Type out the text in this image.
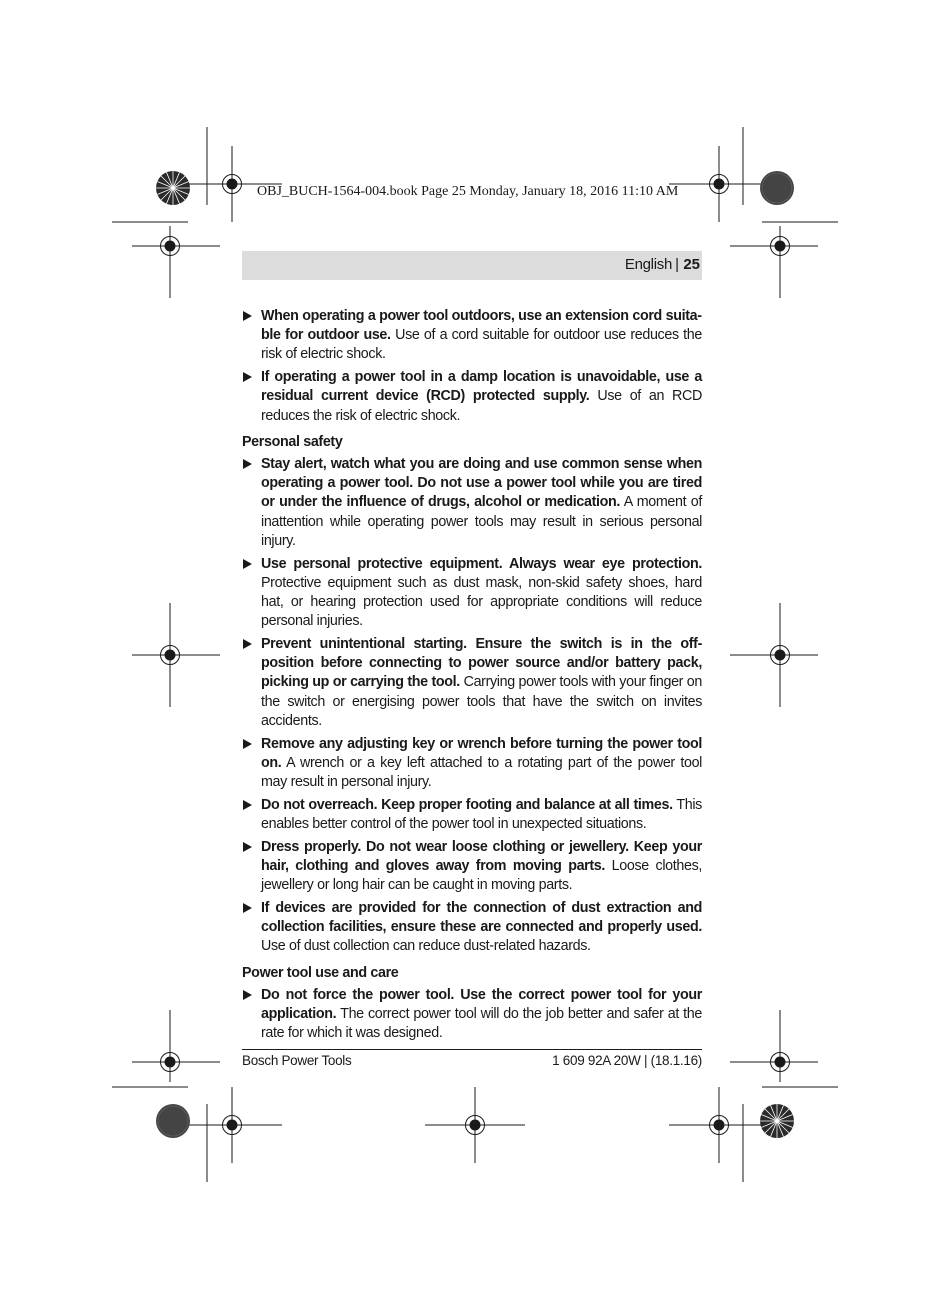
OBJ_BUCH-1564-004.book Page 25 Monday, January 18, 2016 11:10 AM
English | 25
When operating a power tool outdoors, use an extension cord suitable for outdoor use. Use of a cord suitable for outdoor use reduces the risk of electric shock.
If operating a power tool in a damp location is unavoidable, use a residual current device (RCD) protected supply. Use of an RCD reduces the risk of electric shock.
Personal safety
Stay alert, watch what you are doing and use common sense when operating a power tool. Do not use a power tool while you are tired or under the influence of drugs, alcohol or medication. A moment of inattention while operating power tools may result in serious personal injury.
Use personal protective equipment. Always wear eye protection. Protective equipment such as dust mask, non-skid safety shoes, hard hat, or hearing protection used for appropriate conditions will reduce personal injuries.
Prevent unintentional starting. Ensure the switch is in the off-position before connecting to power source and/or battery pack, picking up or carrying the tool. Carrying power tools with your finger on the switch or energising power tools that have the switch on invites accidents.
Remove any adjusting key or wrench before turning the power tool on. A wrench or a key left attached to a rotating part of the power tool may result in personal injury.
Do not overreach. Keep proper footing and balance at all times. This enables better control of the power tool in unexpected situations.
Dress properly. Do not wear loose clothing or jewellery. Keep your hair, clothing and gloves away from moving parts. Loose clothes, jewellery or long hair can be caught in moving parts.
If devices are provided for the connection of dust extraction and collection facilities, ensure these are connected and properly used. Use of dust collection can reduce dust-related hazards.
Power tool use and care
Do not force the power tool. Use the correct power tool for your application. The correct power tool will do the job better and safer at the rate for which it was designed.
Bosch Power Tools	1 609 92A 20W | (18.1.16)
